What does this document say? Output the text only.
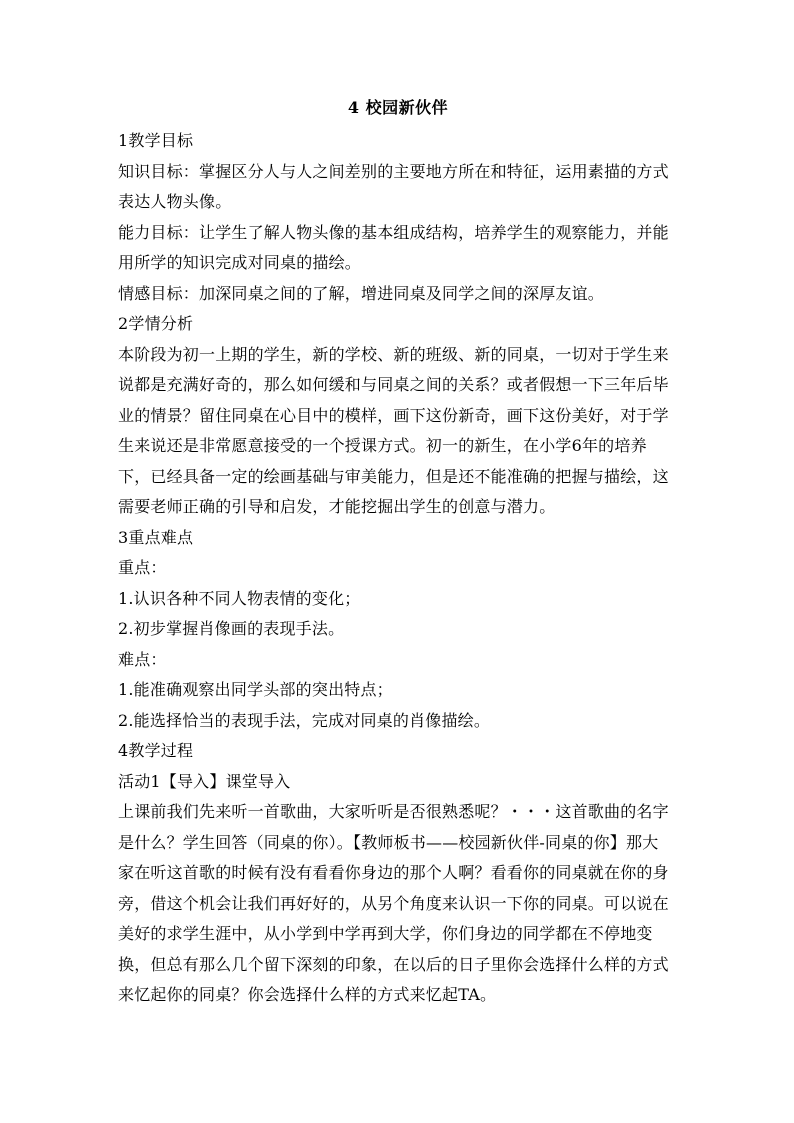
4 校园新伙伴

1教学目标

知识目标：掌握区分人与人之间差别的主要地方所在和特征，运用素描的方式

表达人物头像。

能力目标：让学生了解人物头像的基本组成结构，培养学生的观察能力，并能

用所学的知识完成对同桌的描绘。

情感目标：加深同桌之间的了解，增进同桌及同学之间的深厚友谊。

2学情分析

本阶段为初一上期的学生，新的学校、新的班级、新的同桌，一切对于学生来

说都是充满好奇的，那么如何缓和与同桌之间的关系？或者假想一下三年后毕

业的情景？留住同桌在心目中的模样，画下这份新奇，画下这份美好，对于学

生来说还是非常愿意接受的一个授课方式。初一的新生，在小学6年的培养

下，已经具备一定的绘画基础与审美能力，但是还不能准确的把握与描绘，这

需要老师正确的引导和启发，才能挖掘出学生的创意与潜力。

3重点难点

重点：

1.认识各种不同人物表情的变化；

2.初步掌握肖像画的表现手法。

难点：

1.能准确观察出同学头部的突出特点；

2.能选择恰当的表现手法，完成对同桌的肖像描绘。

4教学过程

活动1【导入】课堂导入

上课前我们先来听一首歌曲，大家听听是否很熟悉呢？・・・这首歌曲的名字

是什么？学生回答（同桌的你）。【教师板书——校园新伙伴-同桌的你】那大

家在听这首歌的时候有没有看看你身边的那个人啊？看看你的同桌就在你的身

旁，借这个机会让我们再好好的，从另个角度来认识一下你的同桌。可以说在

美好的求学生涯中，从小学到中学再到大学，你们身边的同学都在不停地变

换，但总有那么几个留下深刻的印象，在以后的日子里你会选择什么样的方式

来忆起你的同桌？你会选择什么样的方式来忆起TA。
